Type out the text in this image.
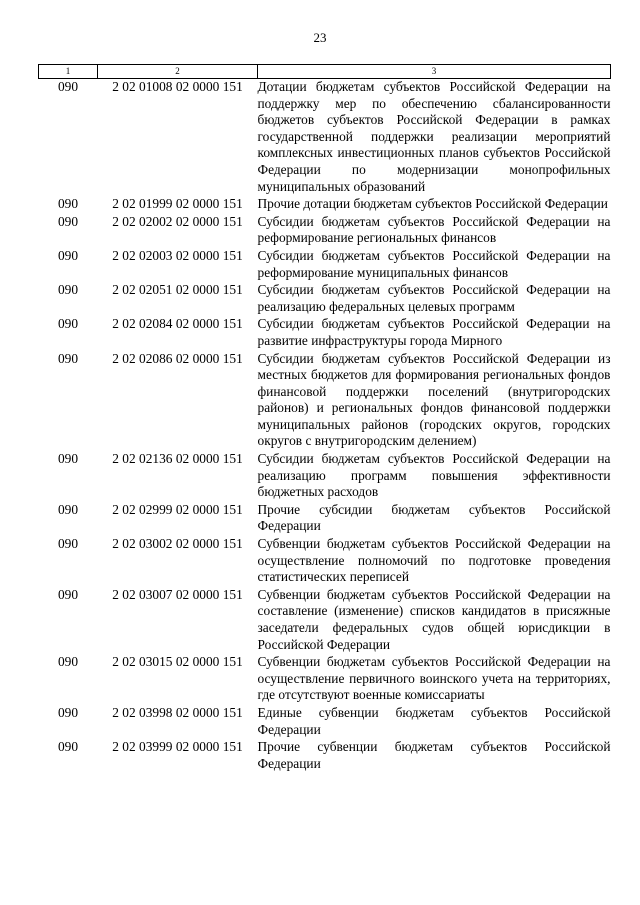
23
1	2	3
090	2 02 01008 02 0000 151	Дотации бюджетам субъектов Российской Федерации на поддержку мер по обеспечению сбалансированности бюджетов субъектов Российской Федерации в рамках государственной поддержки реализации мероприятий комплексных инвестиционных планов субъектов Российской Федерации по модернизации монопрофильных муниципальных образований
090	2 02 01999 02 0000 151	Прочие дотации бюджетам субъектов Российской Федерации
090	2 02 02002 02 0000 151	Субсидии бюджетам субъектов Российской Федерации на реформирование региональных финансов
090	2 02 02003 02 0000 151	Субсидии бюджетам субъектов Российской Федерации на реформирование муниципальных финансов
090	2 02 02051 02 0000 151	Субсидии бюджетам субъектов Российской Федерации на реализацию федеральных целевых программ
090	2 02 02084 02 0000 151	Субсидии бюджетам субъектов Российской Федерации на развитие инфраструктуры города Мирного
090	2 02 02086 02 0000 151	Субсидии бюджетам субъектов Российской Федерации из местных бюджетов для формирования региональных фондов финансовой поддержки поселений (внутригородских районов) и региональных фондов финансовой поддержки муниципальных районов (городских округов, городских округов с внутригородским делением)
090	2 02 02136 02 0000 151	Субсидии бюджетам субъектов Российской Федерации на реализацию программ повышения эффективности бюджетных расходов
090	2 02 02999 02 0000 151	Прочие субсидии бюджетам субъектов Российской Федерации
090	2 02 03002 02 0000 151	Субвенции бюджетам субъектов Российской Федерации на осуществление полномочий по подготовке проведения статистических переписей
090	2 02 03007 02 0000 151	Субвенции бюджетам субъектов Российской Федерации на составление (изменение) списков кандидатов в присяжные заседатели федеральных судов общей юрисдикции в Российской Федерации
090	2 02 03015 02 0000 151	Субвенции бюджетам субъектов Российской Федерации на осуществление первичного воинского учета на территориях, где отсутствуют военные комиссариаты
090	2 02 03998 02 0000 151	Единые субвенции бюджетам субъектов Российской Федерации
090	2 02 03999 02 0000 151	Прочие субвенции бюджетам субъектов Российской Федерации
